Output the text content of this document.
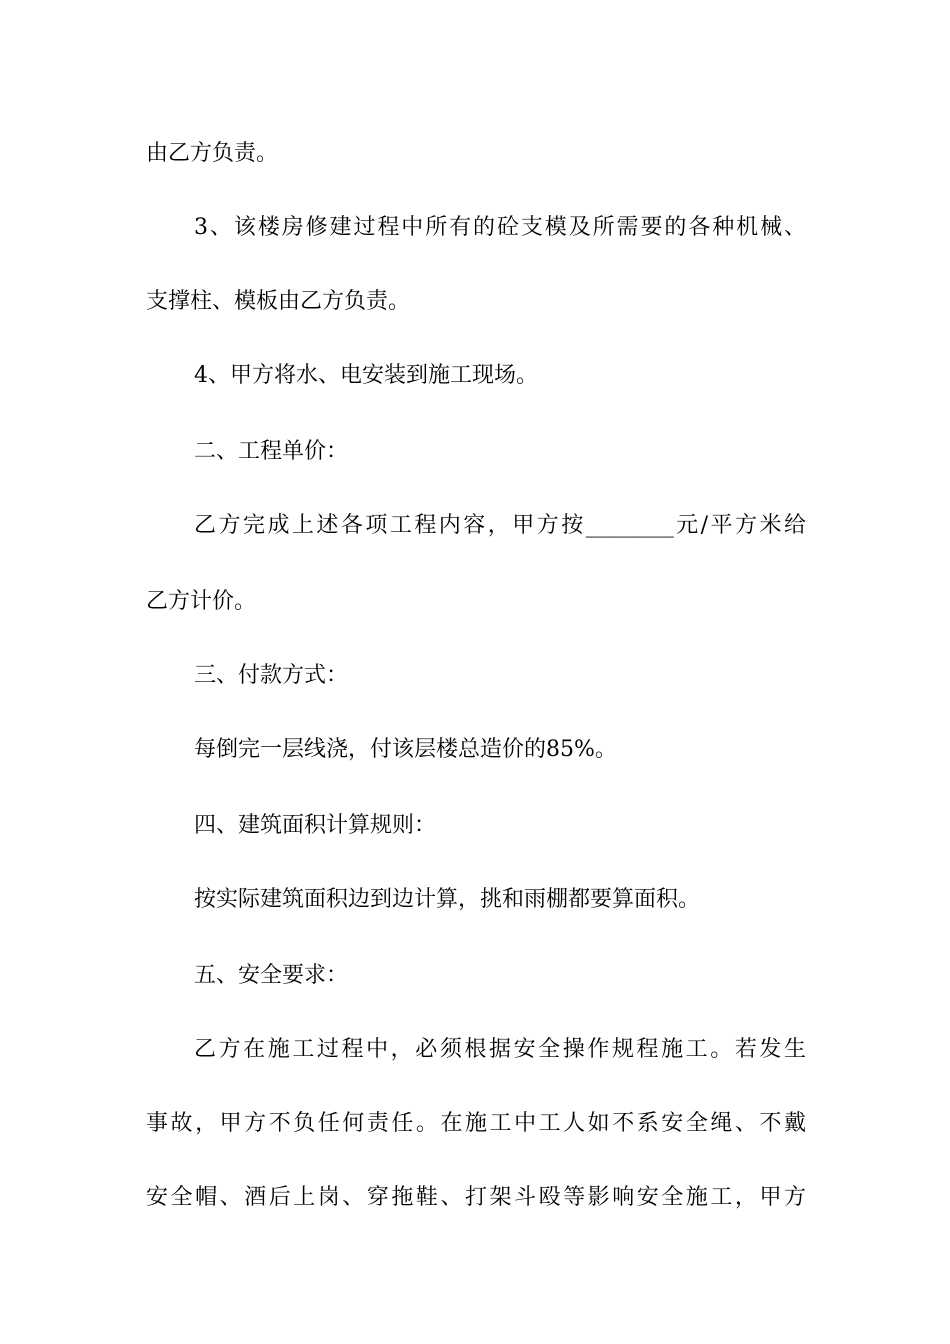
由乙方负责。
3、该楼房修建过程中所有的砼支模及所需要的各种机械、
支撑柱、模板由乙方负责。
4、甲方将水、电安装到施工现场。
二、工程单价：
乙方完成上述各项工程内容，甲方按________元/平方米给
乙方计价。
三、付款方式：
每倒完一层线浇，付该层楼总造价的85%。
四、建筑面积计算规则：
按实际建筑面积边到边计算，挑和雨棚都要算面积。
五、安全要求：
乙方在施工过程中，必须根据安全操作规程施工。若发生
事故，甲方不负任何责任。在施工中工人如不系安全绳、不戴
安全帽、酒后上岗、穿拖鞋、打架斗殴等影响安全施工，甲方
